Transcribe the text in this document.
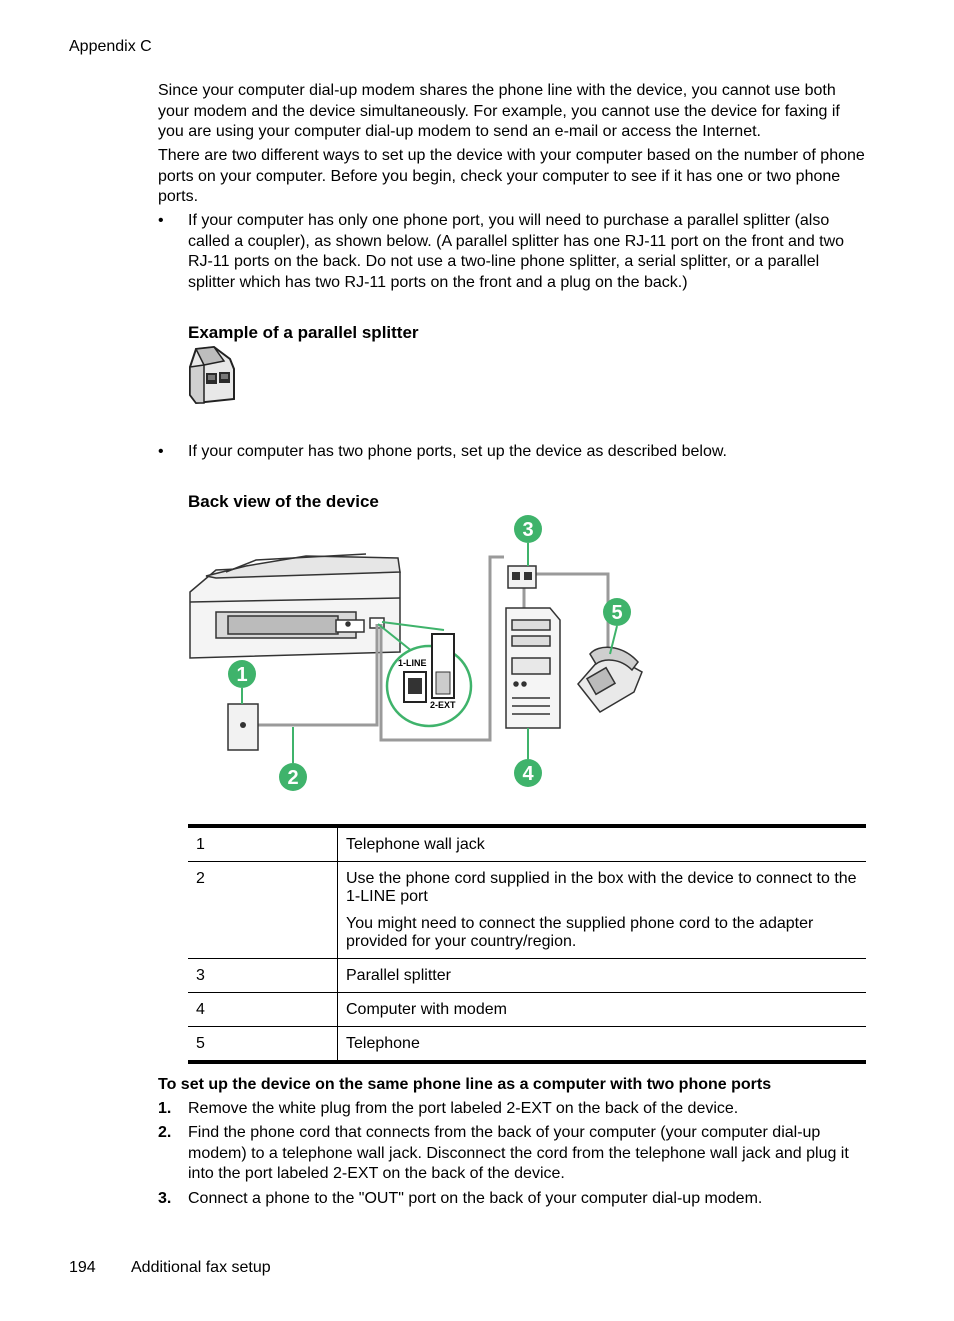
Appendix C

Since your computer dial-up modem shares the phone line with the device, you cannot use both your modem and the device simultaneously. For example, you cannot use the device for faxing if you are using your computer dial-up modem to send an e-mail or access the Internet.

There are two different ways to set up the device with your computer based on the number of phone ports on your computer. Before you begin, check your computer to see if it has one or two phone ports.

• If your computer has only one phone port, you will need to purchase a parallel splitter (also called a coupler), as shown below. (A parallel splitter has one RJ-11 port on the front and two RJ-11 ports on the back. Do not use a two-line phone splitter, a serial splitter, or a parallel splitter which has two RJ-11 ports on the front and a plug on the back.)
Example of a parallel splitter
• If your computer has two phone ports, set up the device as described below.
Back view of the device
1-LINE
2-EXT
1
2
3
4
5
1	Telephone wall jack
2	Use the phone cord supplied in the box with the device to connect to the 1-LINE port
You might need to connect the supplied phone cord to the adapter provided for your country/region.

3	Parallel splitter
4	Computer with modem
5	Telephone
To set up the device on the same phone line as a computer with two phone ports
1. Remove the white plug from the port labeled 2-EXT on the back of the device.
2. Find the phone cord that connects from the back of your computer (your computer dial-up modem) to a telephone wall jack. Disconnect the cord from the telephone wall jack and plug it into the port labeled 2-EXT on the back of the device.
3. Connect a phone to the "OUT" port on the back of your computer dial-up modem.
194 Additional fax setup
